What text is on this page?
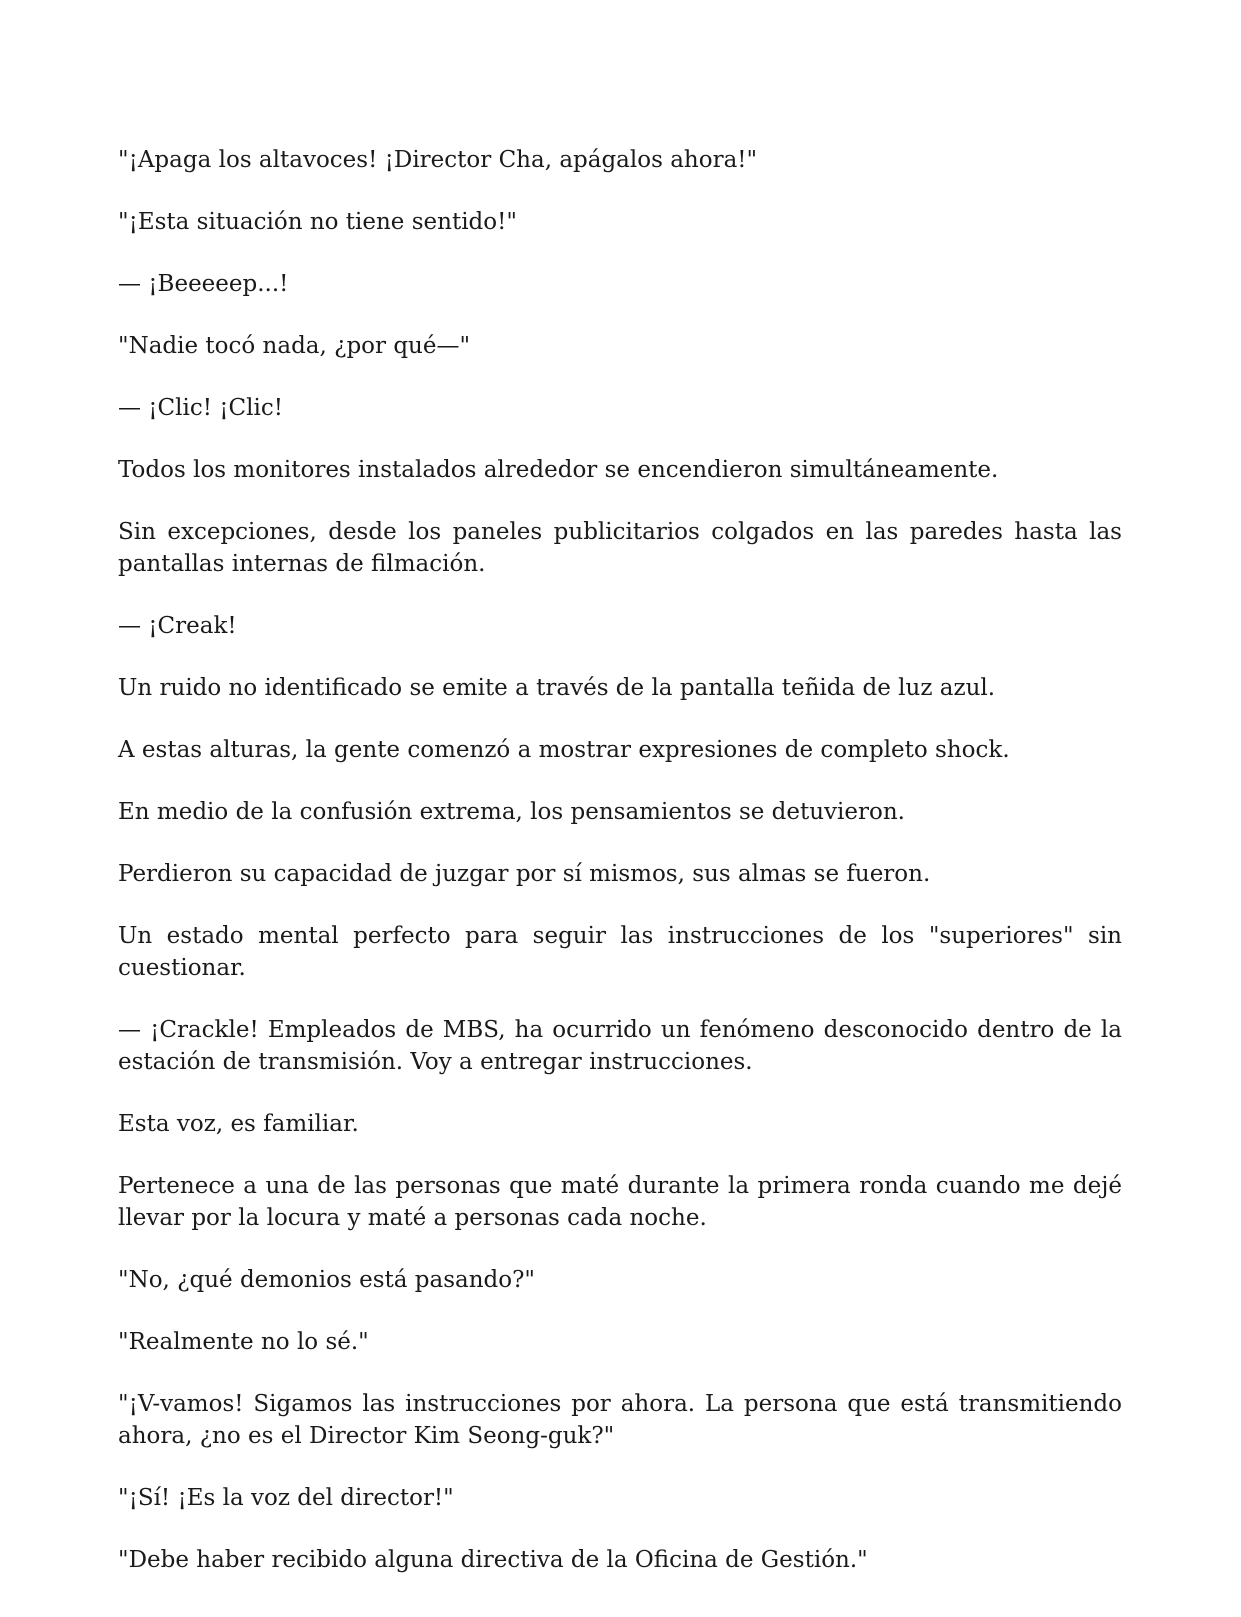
"¡Apaga los altavoces! ¡Director Cha, apágalos ahora!"

"¡Esta situación no tiene sentido!"

— ¡Beeeeep...!

"Nadie tocó nada, ¿por qué—"

— ¡Clic! ¡Clic!

Todos los monitores instalados alrededor se encendieron simultáneamente.

Sin excepciones, desde los paneles publicitarios colgados en las paredes hasta las pantallas internas de filmación.

— ¡Creak!

Un ruido no identificado se emite a través de la pantalla teñida de luz azul.

A estas alturas, la gente comenzó a mostrar expresiones de completo shock.

En medio de la confusión extrema, los pensamientos se detuvieron.

Perdieron su capacidad de juzgar por sí mismos, sus almas se fueron.

Un estado mental perfecto para seguir las instrucciones de los "superiores" sin cuestionar.

— ¡Crackle! Empleados de MBS, ha ocurrido un fenómeno desconocido dentro de la estación de transmisión. Voy a entregar instrucciones.

Esta voz, es familiar.

Pertenece a una de las personas que maté durante la primera ronda cuando me dejé llevar por la locura y maté a personas cada noche.

"No, ¿qué demonios está pasando?"

"Realmente no lo sé."

"¡V-vamos! Sigamos las instrucciones por ahora. La persona que está transmitiendo ahora, ¿no es el Director Kim Seong-guk?"

"¡Sí! ¡Es la voz del director!"

"Debe haber recibido alguna directiva de la Oficina de Gestión."
